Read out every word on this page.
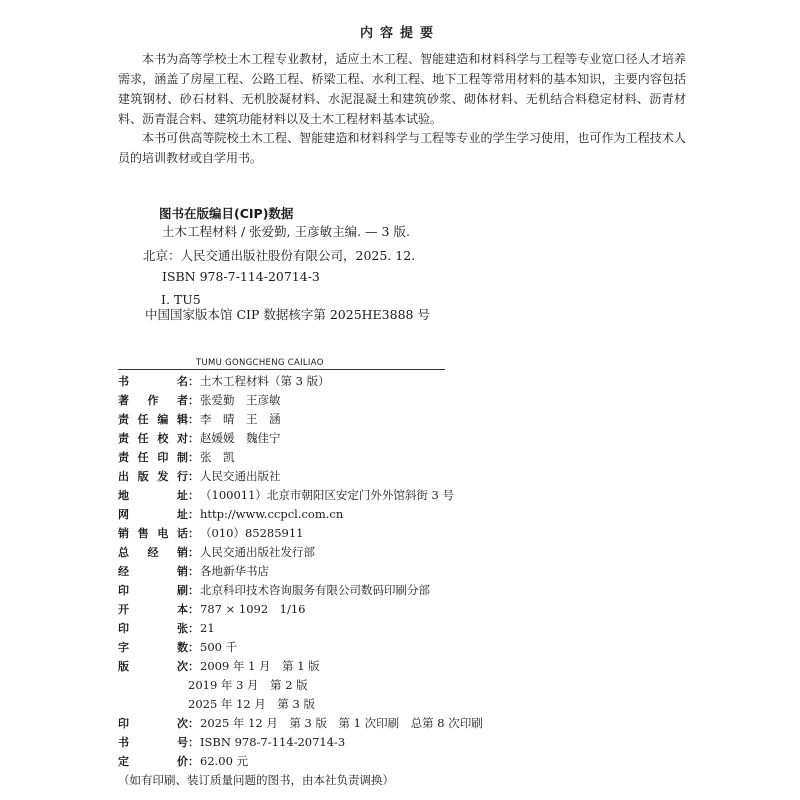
内容提要
本书为高等学校土木工程专业教材，适应土木工程、智能建造和材料科学与工程等专业宽口径人才培养需求，涵盖了房屋工程、公路工程、桥梁工程、水利工程、地下工程等常用材料的基本知识，主要内容包括建筑钢材、砂石材料、无机胶凝材料、水泥混凝土和建筑砂浆、砌体材料、无机结合料稳定材料、沥青材料、沥青混合料、建筑功能材料以及土木工程材料基本试验。
本书可供高等院校土木工程、智能建造和材料科学与工程等专业的学生学习使用，也可作为工程技术人员的培训教材或自学用书。
图书在版编目(CIP)数据
土木工程材料 / 张爱勤, 王彦敏主编. — 3 版.
北京：人民交通出版社股份有限公司，2025. 12.
ISBN 978-7-114-20714-3
Ⅰ. TU5
中国国家版本馆 CIP 数据核字第 2025HE3888 号
TUMU GONGCHENG CAILIAO
书名：土木工程材料（第 3 版）
著作者：张爱勤　王彦敏
责任编辑：李　晴　王　涵
责任校对：赵媛媛　魏佳宁
责任印制：张　凯
出版发行：人民交通出版社
地址：（100011）北京市朝阳区安定门外外馆斜街 3 号
网址：http://www.ccpcl.com.cn
销售电话：（010）85285911
总经销：人民交通出版社发行部
经销：各地新华书店
印刷：北京科印技术咨询服务有限公司数码印刷分部
开本：787 × 1092　1/16
印张：21
字数：500 千
版次：2009 年 1 月　第 1 版
2019 年 3 月　第 2 版
2025 年 12 月　第 3 版
印次：2025 年 12 月　第 3 版　第 1 次印刷　总第 8 次印刷
书号：ISBN 978-7-114-20714-3
定价：62.00 元
（如有印刷、装订质量问题的图书，由本社负责调换）
